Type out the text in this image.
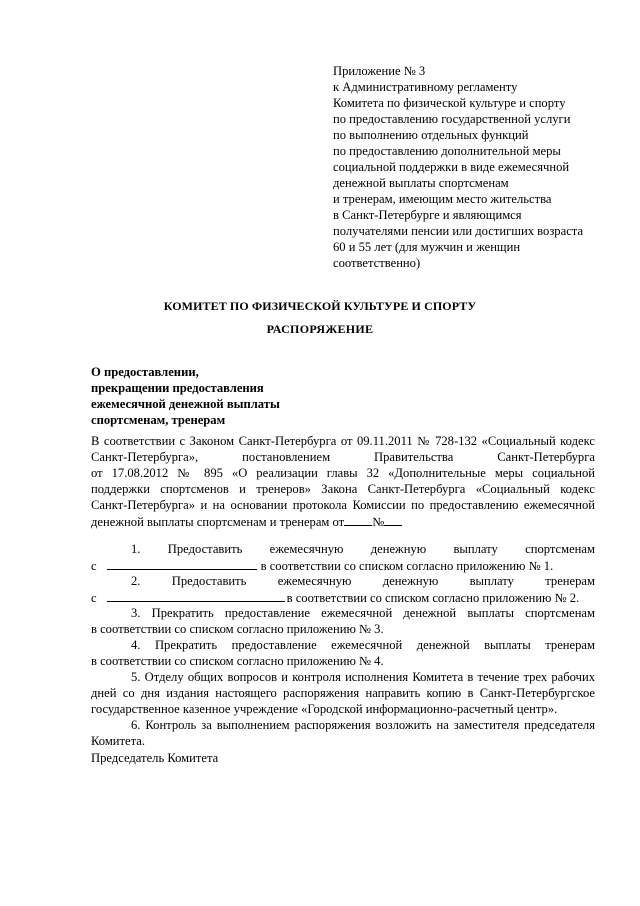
Приложение № 3
к Административному регламенту
Комитета по физической культуре и спорту
по предоставлению государственной услуги
по выполнению отдельных функций
по предоставлению дополнительной меры
социальной поддержки в виде ежемесячной
денежной выплаты спортсменам
и тренерам, имеющим место жительства
в Санкт-Петербурге и являющимся
получателями пенсии или достигших возраста
60 и 55 лет (для мужчин и женщин
соответственно)
КОМИТЕТ ПО ФИЗИЧЕСКОЙ КУЛЬТУРЕ И СПОРТУ
РАСПОРЯЖЕНИЕ
О предоставлении,
прекращении предоставления
ежемесячной денежной выплаты
спортсменам, тренерам
В соответствии с Законом Санкт-Петербурга от 09.11.2011 № 728-132 «Социальный кодекс
Санкт-Петербурга», постановлением Правительства Санкт-Петербурга
от 17.08.2012 № 895 «О реализации главы 32 «Дополнительные меры социальной
поддержки спортсменов и тренеров» Закона Санкт-Петербурга «Социальный кодекс
Санкт-Петербурга» и на основании протокола Комиссии по предоставлению ежемесячной
денежной выплаты спортсменам и тренерам от №
1. Предоставить ежемесячную денежную выплату спортсменам
с	в соответствии со списком согласно приложению № 1.
2. Предоставить ежемесячную денежную выплату тренерам
с	в соответствии со списком согласно приложению № 2.
3. Прекратить предоставление ежемесячной денежной выплаты спортсменам
в соответствии со списком согласно приложению № 3.
4. Прекратить предоставление ежемесячной денежной выплаты тренерам
в соответствии со списком согласно приложению № 4.
5. Отделу общих вопросов и контроля исполнения Комитета в течение трех рабочих
дней со дня издания настоящего распоряжения направить копию в Санкт-Петербургское
государственное казенное учреждение «Городской информационно-расчетный центр».
6. Контроль за выполнением распоряжения возложить на заместителя председателя
Комитета.
Председатель Комитета
